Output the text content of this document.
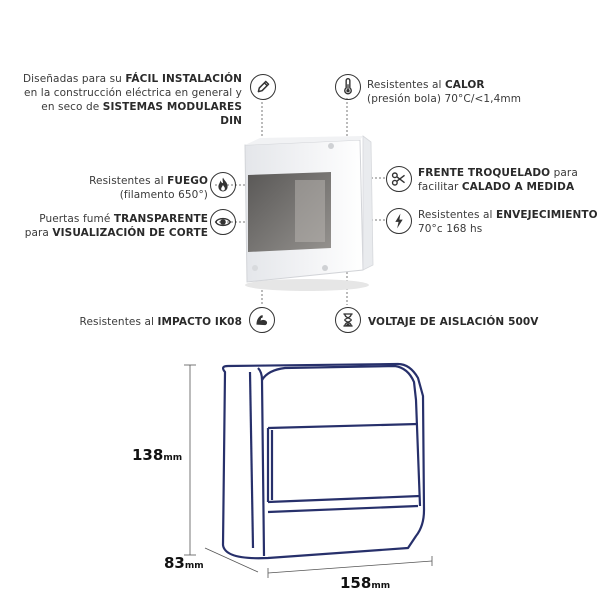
Diseñadas para su FÁCIL INSTALACIÓN
en la construcción eléctrica en general y
en seco de SISTEMAS MODULARES DIN
Resistentes al FUEGO
(filamento 650°)
Puertas fumé TRANSPARENTE
para VISUALIZACIÓN DE CORTE
Resistentes al IMPACTO IK08
Resistentes al CALOR
(presión bola) 70°C/<1,4mm
FRENTE TROQUELADO para
facilitar CALADO A MEDIDA
Resistentes al ENVEJECIMIENTO
70°c 168 hs
VOLTAJE DE AISLACIÓN 500V
138mm
83mm
158mm
